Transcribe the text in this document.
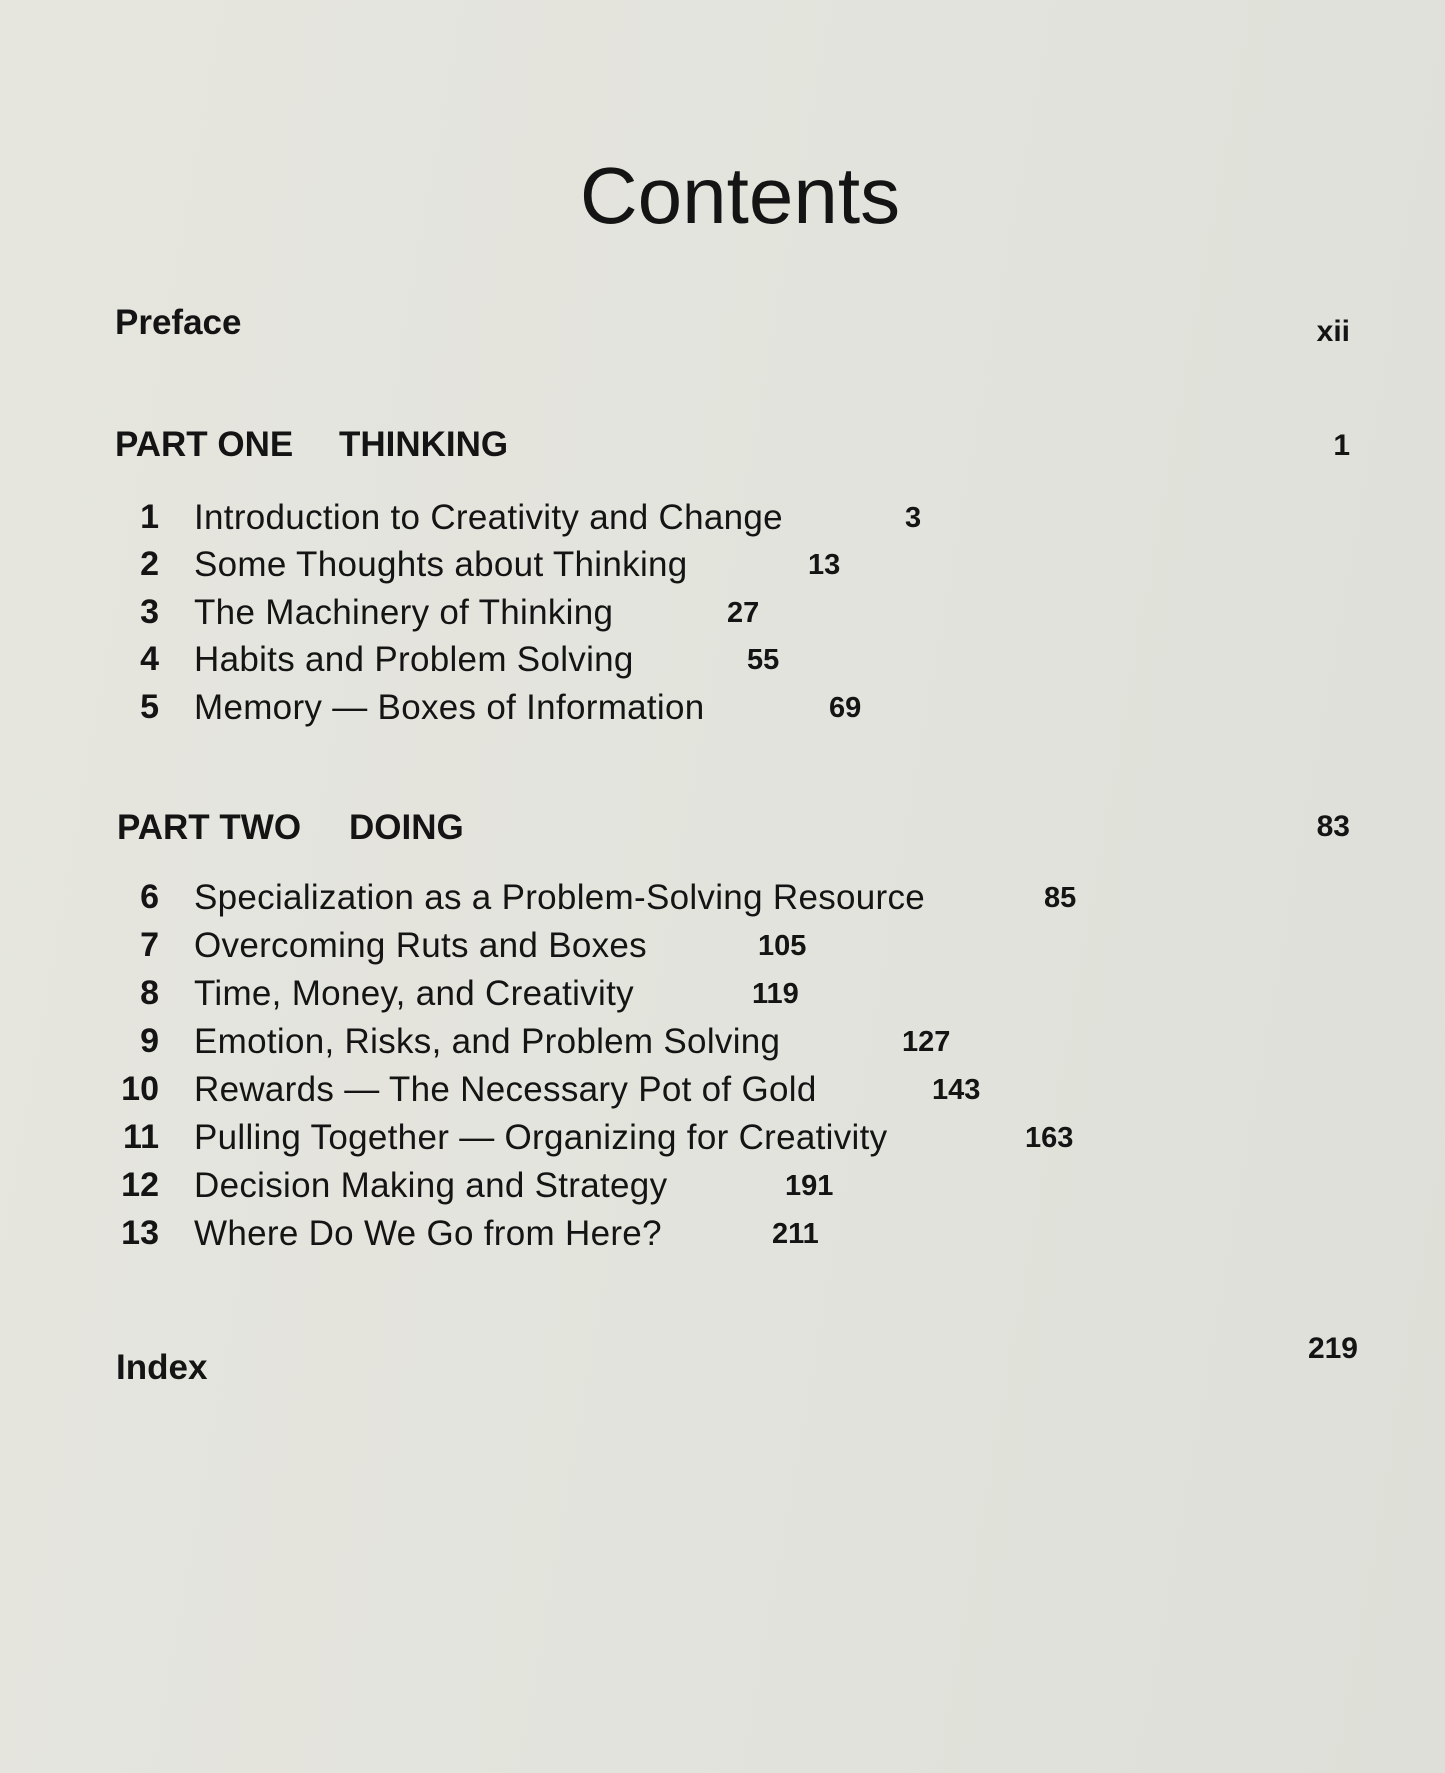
Contents
Preface	xii
PART ONE THINKING	1
1 Introduction to Creativity and Change	3
2 Some Thoughts about Thinking	13
3 The Machinery of Thinking	27
4 Habits and Problem Solving	55
5 Memory — Boxes of Information	69
PART TWO DOING	83
6 Specialization as a Problem-Solving Resource	85
7 Overcoming Ruts and Boxes	105
8 Time, Money, and Creativity	119
9 Emotion, Risks, and Problem Solving	127
10 Rewards — The Necessary Pot of Gold	143
11 Pulling Together — Organizing for Creativity	163
12 Decision Making and Strategy	191
13 Where Do We Go from Here?	211
Index	219
